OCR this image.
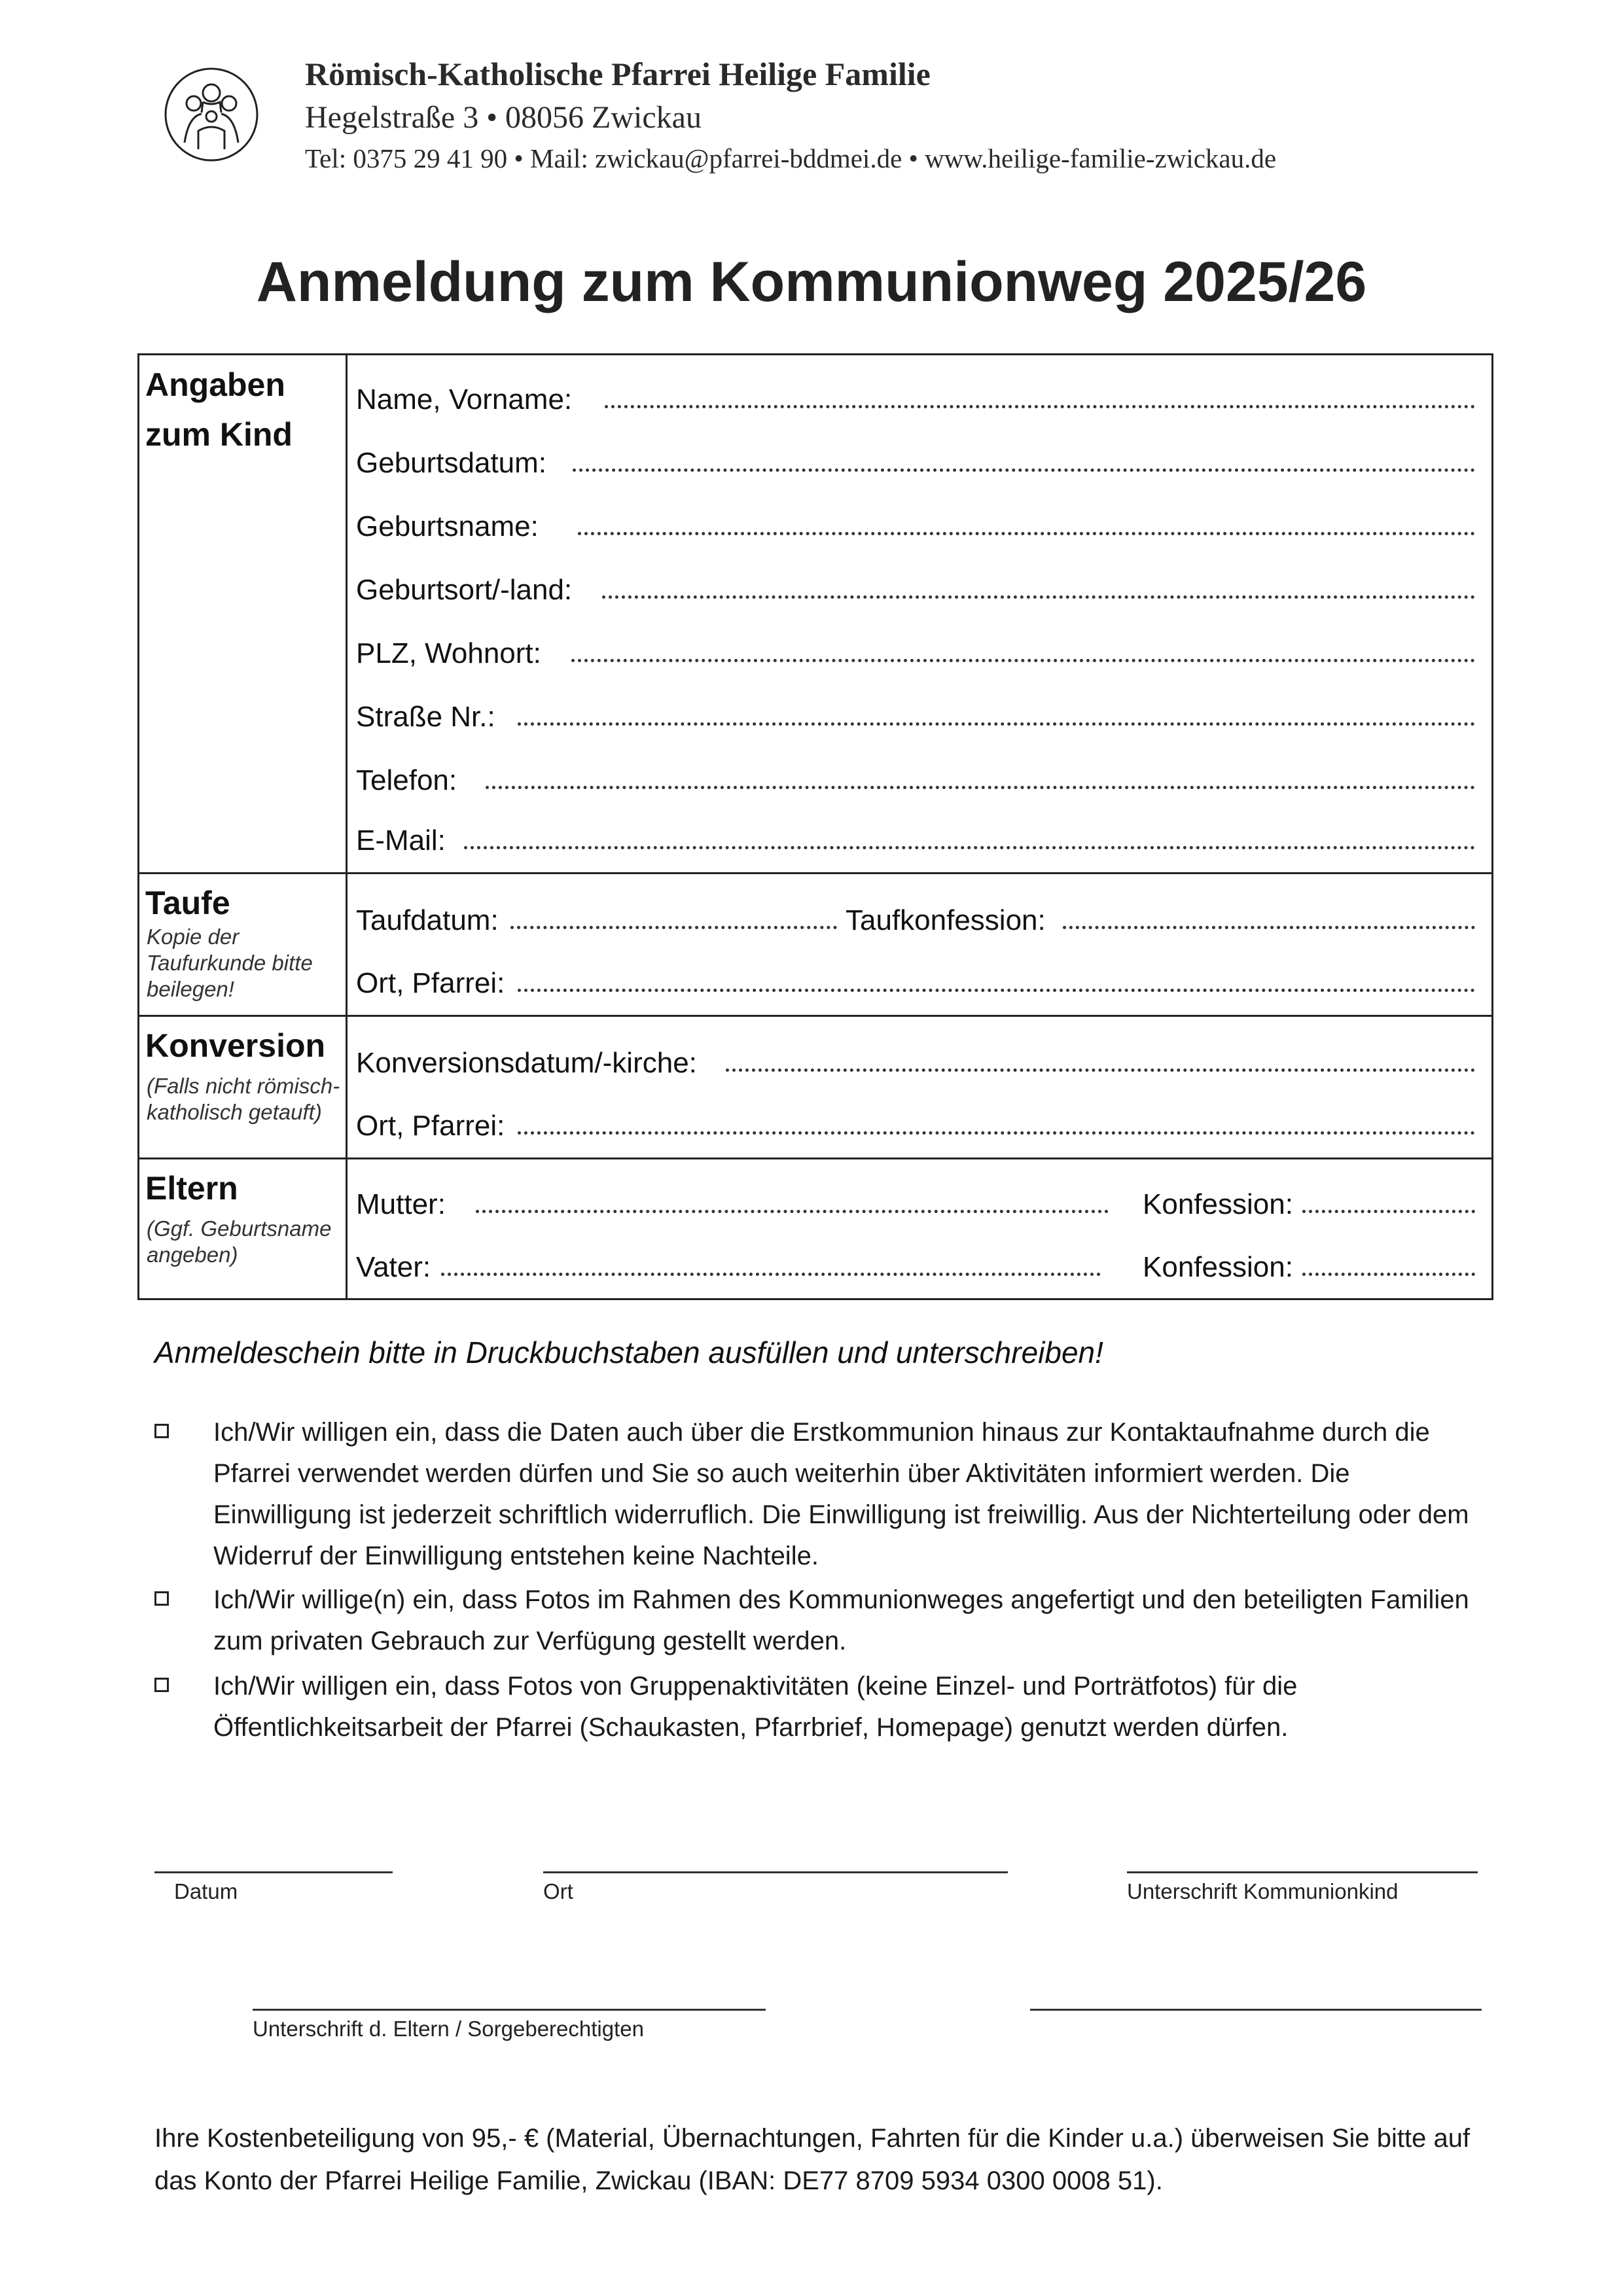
Römisch-Katholische Pfarrei Heilige Familie
Hegelstraße 3 • 08056 Zwickau
Tel: 0375 29 41 90 • Mail: zwickau@pfarrei-bddmei.de • www.heilige-familie-zwickau.de
Anmeldung zum Kommunionweg 2025/26
Angaben zum Kind
Name, Vorname:
Geburtsdatum:
Geburtsname:
Geburtsort/-land:
PLZ, Wohnort:
Straße Nr.:
Telefon:
E-Mail:
Taufe
Kopie der Taufurkunde bitte beilegen!
Taufdatum:	Taufkonfession:
Ort, Pfarrei:
Konversion
(Falls nicht römisch-katholisch getauft)
Konversionsdatum/-kirche:
Ort, Pfarrei:
Eltern
(Ggf. Geburtsname angeben)
Mutter:	Konfession:
Vater:	Konfession:
Anmeldeschein bitte in Druckbuchstaben ausfüllen und unterschreiben!
Ich/Wir willigen ein, dass die Daten auch über die Erstkommunion hinaus zur Kontaktaufnahme durch die Pfarrei verwendet werden dürfen und Sie so auch weiterhin über Aktivitäten informiert werden. Die Einwilligung ist jederzeit schriftlich widerruflich. Die Einwilligung ist freiwillig. Aus der Nichterteilung oder dem Widerruf der Einwilligung entstehen keine Nachteile.
Ich/Wir willige(n) ein, dass Fotos im Rahmen des Kommunionweges angefertigt und den beteiligten Familien zum privaten Gebrauch zur Verfügung gestellt werden.
Ich/Wir willigen ein, dass Fotos von Gruppenaktivitäten (keine Einzel- und Porträtfotos) für die Öffentlichkeitsarbeit der Pfarrei (Schaukasten, Pfarrbrief, Homepage) genutzt werden dürfen.
Datum	Ort	Unterschrift Kommunionkind
Unterschrift d. Eltern / Sorgeberechtigten
Ihre Kostenbeteiligung von 95,- € (Material, Übernachtungen, Fahrten für die Kinder u.a.) überweisen Sie bitte auf das Konto der Pfarrei Heilige Familie, Zwickau (IBAN: DE77 8709 5934 0300 0008 51).
